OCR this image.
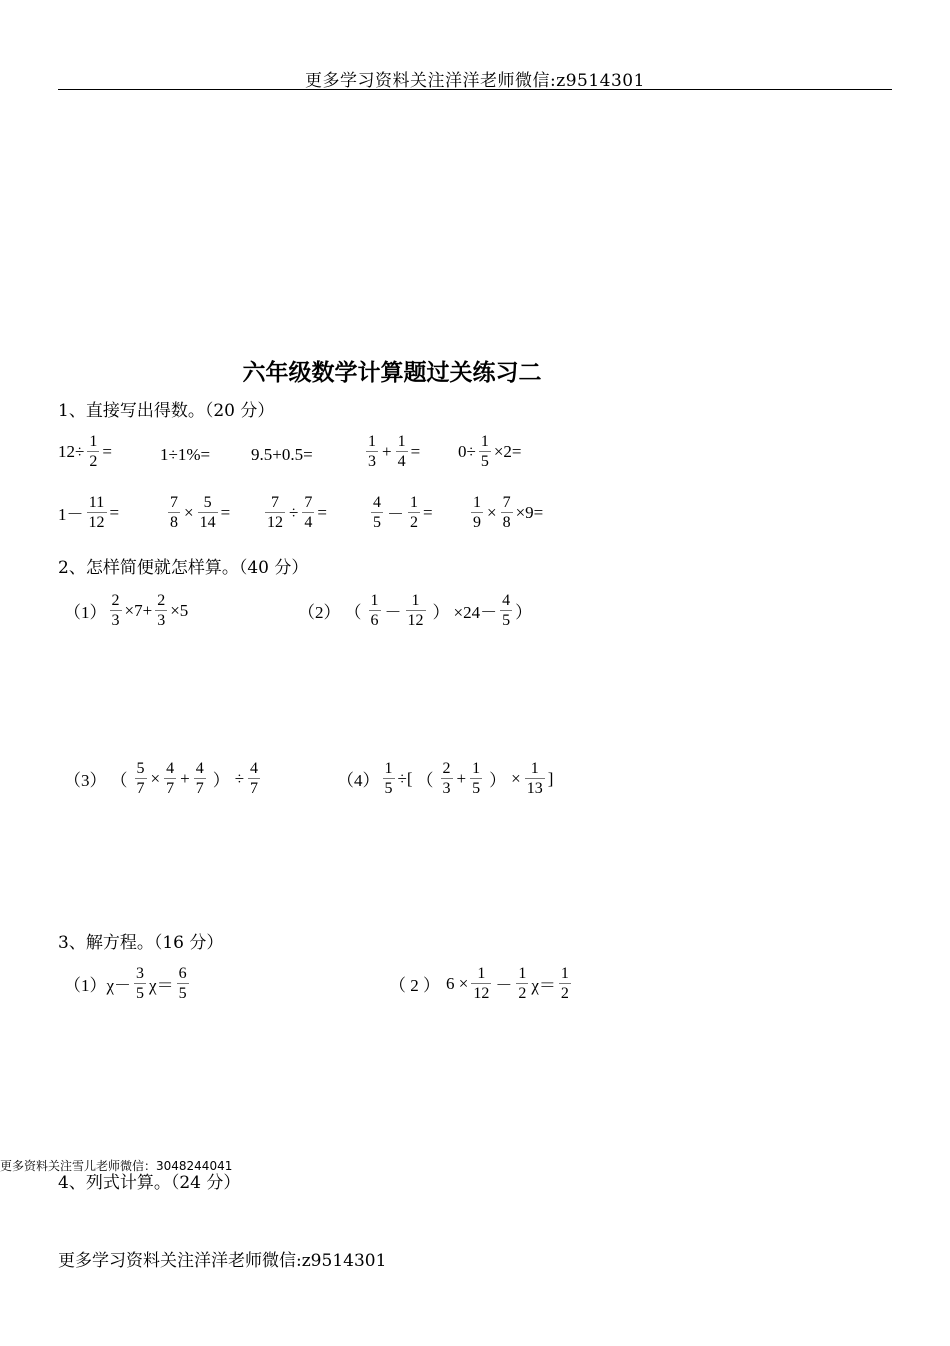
更多学习资料关注洋洋老师微信:z9514301
六年级数学计算题过关练习二
1、直接写出得数。（20 分）
$12\div \frac{1}{2}$ =	1÷1%= 9.5+0.5=	$\frac{1}{3} + \frac{1}{4} = 0\div \frac{1}{5} \times 2=$
$1- \frac{11}{12}$ =	$\frac{7}{8} \times \frac{5}{14} = \frac{7}{12} \div \frac{7}{4}$ =	$\frac{4}{5} - \frac{1}{2} = \frac{1}{9} \times \frac{7}{8} \times 9=$
2、怎样简便就怎样算。（40 分）
$(1) \frac{2}{3} \times 7+ \frac{2}{3} \times 5$	（2） （ $\frac{1}{6} - \frac{1}{12}$ ） $\times 24- \frac{4}{5}$ ）
（3） （ $\frac{5}{7} \times \frac{4}{7} + \frac{4}{7}$ ） ÷ $\frac{4}{7}$	$(4) \frac{1}{5}$ ÷[ （ $\frac{2}{3} + \frac{1}{5}$ ） × $\frac{1}{13}$ ]
3、解方程。（16 分）
（1） $\chi- \frac{3}{5} \chi= \frac{6}{5}$	（ 2 ） $6 \times \frac{1}{12} - \frac{1}{2} \chi= \frac{1}{2}$
4、列式计算。（24 分）
更多资料关注雪儿老师微信：3048244041
更多学习资料关注洋洋老师微信:z9514301
